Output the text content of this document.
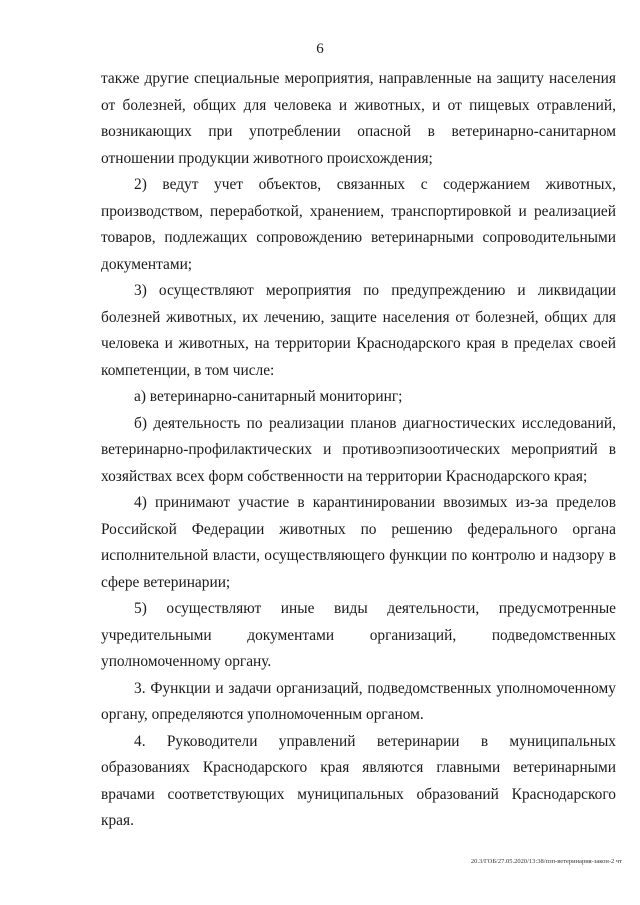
6

также другие специальные мероприятия, направленные на защиту населения от болезней, общих для человека и животных, и от пищевых отравлений, возникающих при употреблении опасной в ветеринарно-санитарном отношении продукции животного происхождения;

2) ведут учет объектов, связанных с содержанием животных, производством, переработкой, хранением, транспортировкой и реализацией товаров, подлежащих сопровождению ветеринарными сопроводительными документами;

3) осуществляют мероприятия по предупреждению и ликвидации болезней животных, их лечению, защите населения от болезней, общих для человека и животных, на территории Краснодарского края в пределах своей компетенции, в том числе:

а) ветеринарно-санитарный мониторинг;

б) деятельность по реализации планов диагностических исследований, ветеринарно-профилактических и противоэпизоотических мероприятий в хозяйствах всех форм собственности на территории Краснодарского края;

4) принимают участие в карантинировании ввозимых из-за пределов Российской Федерации животных по решению федерального органа исполнительной власти, осуществляющего функции по контролю и надзору в сфере ветеринарии;

5) осуществляют иные виды деятельности, предусмотренные учредительными документами организаций, подведомственных уполномоченному органу.

3. Функции и задачи организаций, подведомственных уполномоченному органу, определяются уполномоченным органом.

4. Руководители управлений ветеринарии в муниципальных образованиях Краснодарского края являются главными ветеринарными врачами соответствующих муниципальных образований Краснодарского края.

20.3/ГОБ/27.05.2020/13:38/пзп-ветеринария-закон-2 чт
